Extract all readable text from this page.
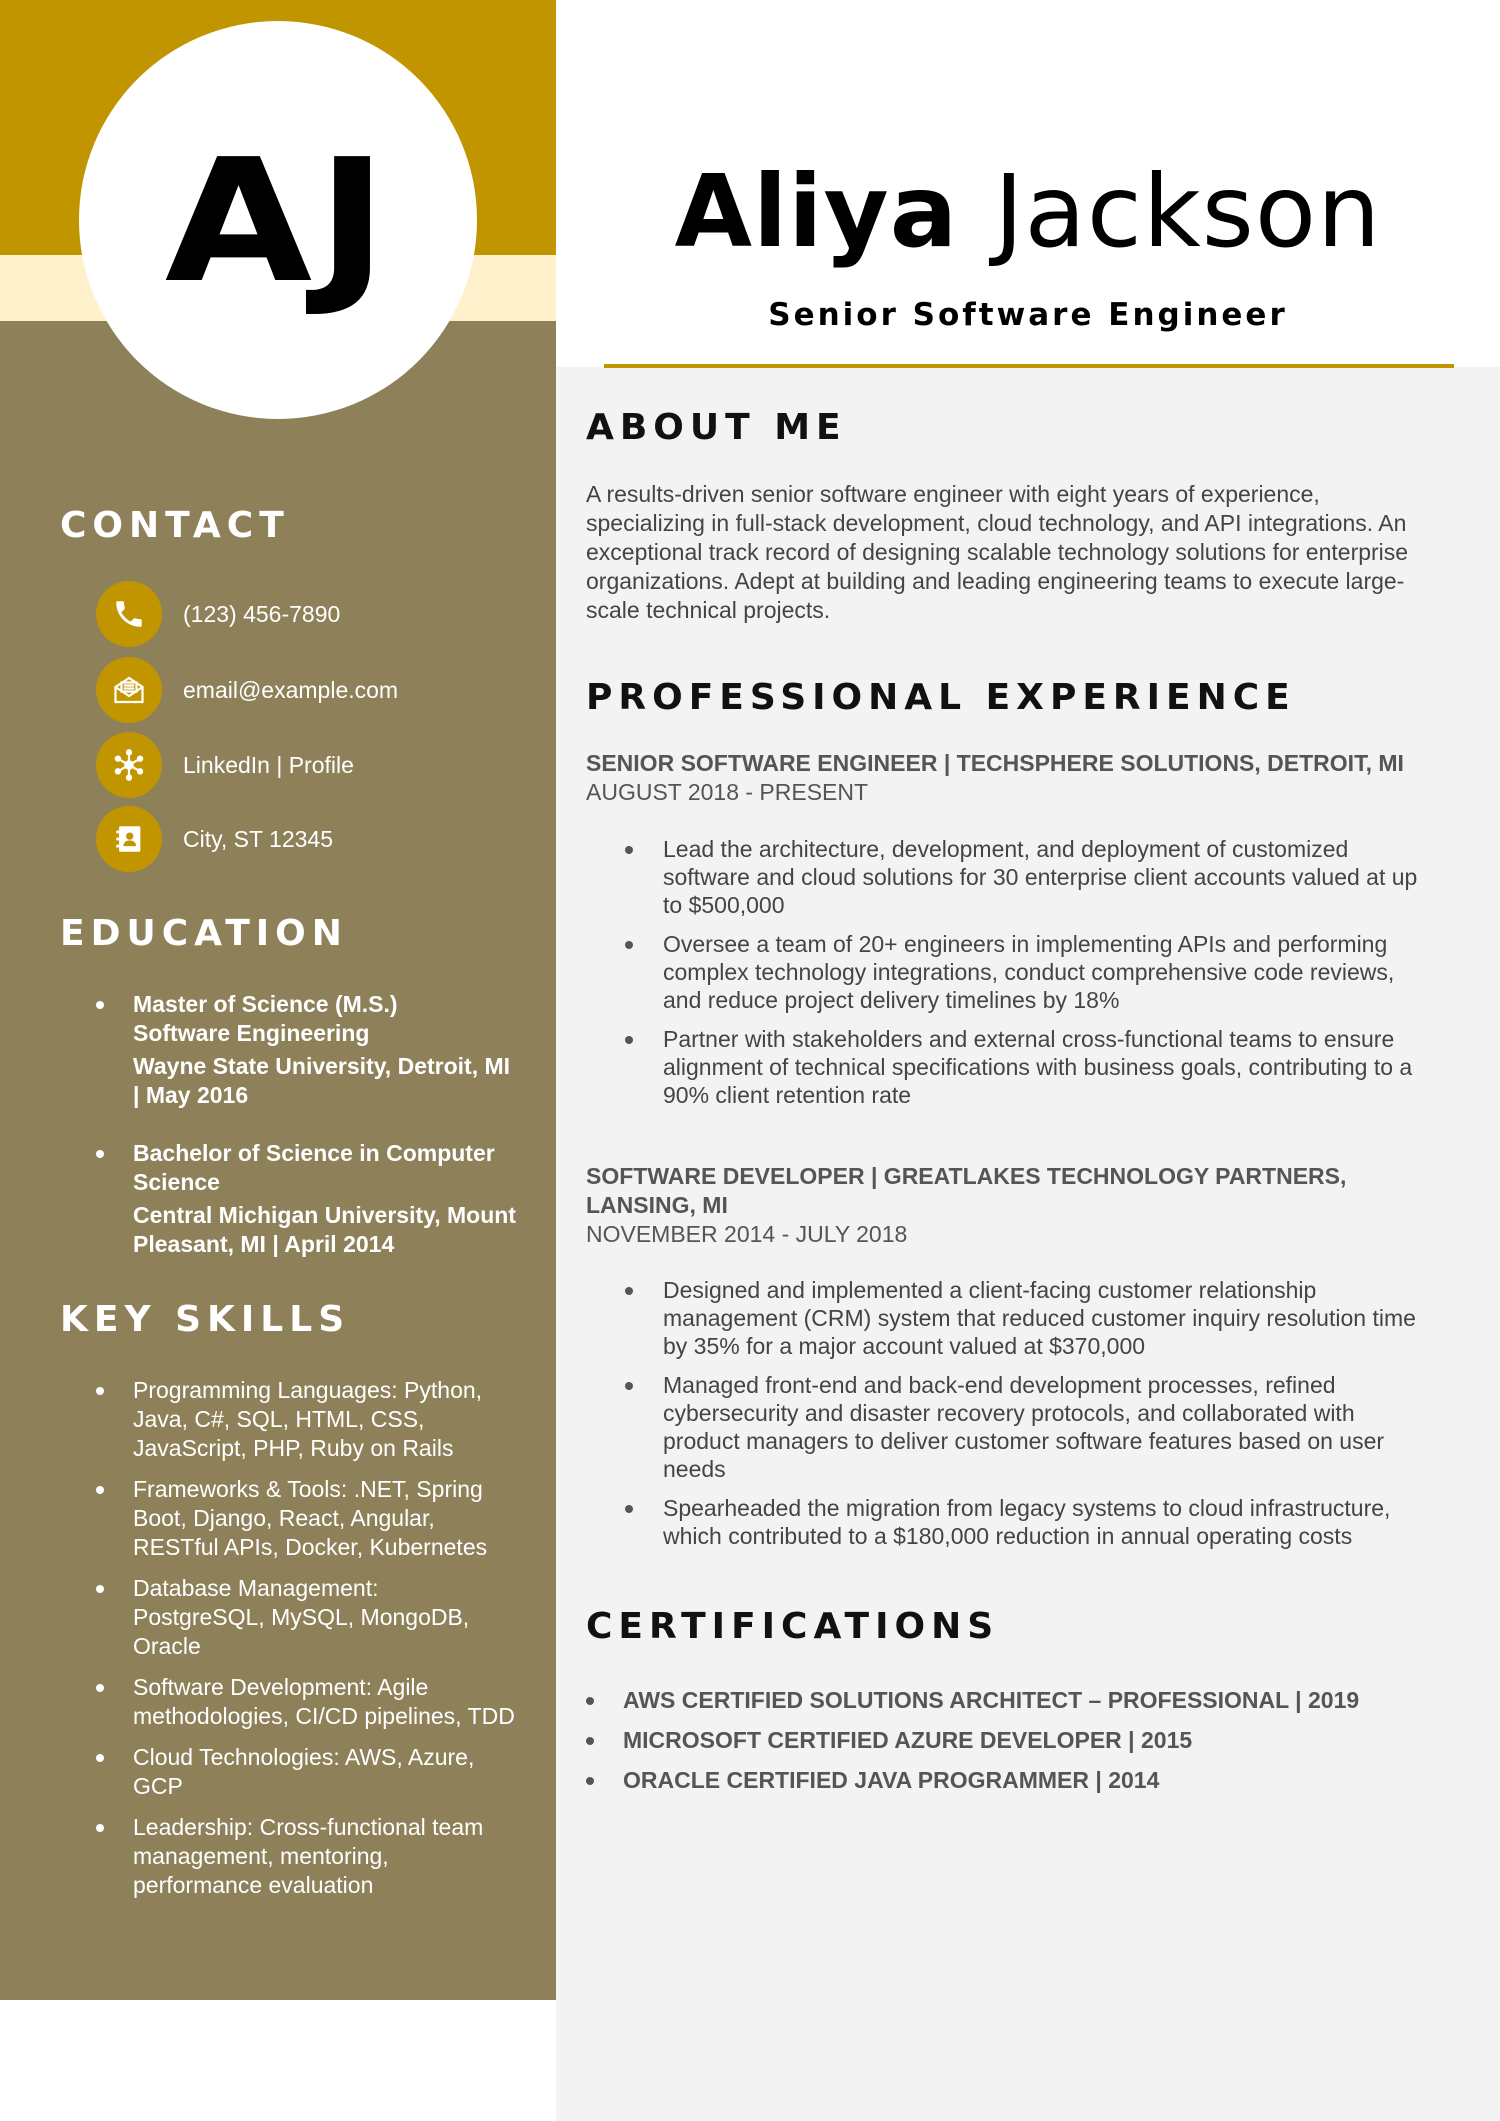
AJ
CONTACT
(123) 456-7890
email@example.com
LinkedIn | Profile
City, ST 12345
EDUCATION
Master of Science (M.S.)
Software Engineering
Wayne State University, Detroit, MI | May 2016
Bachelor of Science in Computer Science
Central Michigan University, Mount Pleasant, MI | April 2014
KEY SKILLS
Programming Languages: Python, Java, C#, SQL, HTML, CSS, JavaScript, PHP, Ruby on Rails
Frameworks & Tools: .NET, Spring Boot, Django, React, Angular, RESTful APIs, Docker, Kubernetes
Database Management: PostgreSQL, MySQL, MongoDB, Oracle
Software Development: Agile methodologies, CI/CD pipelines, TDD
Cloud Technologies: AWS, Azure, GCP
Leadership: Cross-functional team management, mentoring, performance evaluation
Aliya Jackson
Senior Software Engineer
ABOUT ME

A results-driven senior software engineer with eight years of experience, specializing in full-stack development, cloud technology, and API integrations. An exceptional track record of designing scalable technology solutions for enterprise organizations. Adept at building and leading engineering teams to execute large-scale technical projects.

PROFESSIONAL EXPERIENCE
SENIOR SOFTWARE ENGINEER | TECHSPHERE SOLUTIONS, DETROIT, MI
AUGUST 2018 - PRESENT
Lead the architecture, development, and deployment of customized software and cloud solutions for 30 enterprise client accounts valued at up to $500,000
Oversee a team of 20+ engineers in implementing APIs and performing complex technology integrations, conduct comprehensive code reviews, and reduce project delivery timelines by 18%
Partner with stakeholders and external cross-functional teams to ensure alignment of technical specifications with business goals, contributing to a 90% client retention rate
SOFTWARE DEVELOPER | GREATLAKES TECHNOLOGY PARTNERS, LANSING, MI
NOVEMBER 2014 - JULY 2018
Designed and implemented a client-facing customer relationship management (CRM) system that reduced customer inquiry resolution time by 35% for a major account valued at $370,000
Managed front-end and back-end development processes, refined cybersecurity and disaster recovery protocols, and collaborated with product managers to deliver customer software features based on user needs
Spearheaded the migration from legacy systems to cloud infrastructure, which contributed to a $180,000 reduction in annual operating costs
CERTIFICATIONS
AWS CERTIFIED SOLUTIONS ARCHITECT – PROFESSIONAL | 2019
MICROSOFT CERTIFIED AZURE DEVELOPER | 2015
ORACLE CERTIFIED JAVA PROGRAMMER | 2014
